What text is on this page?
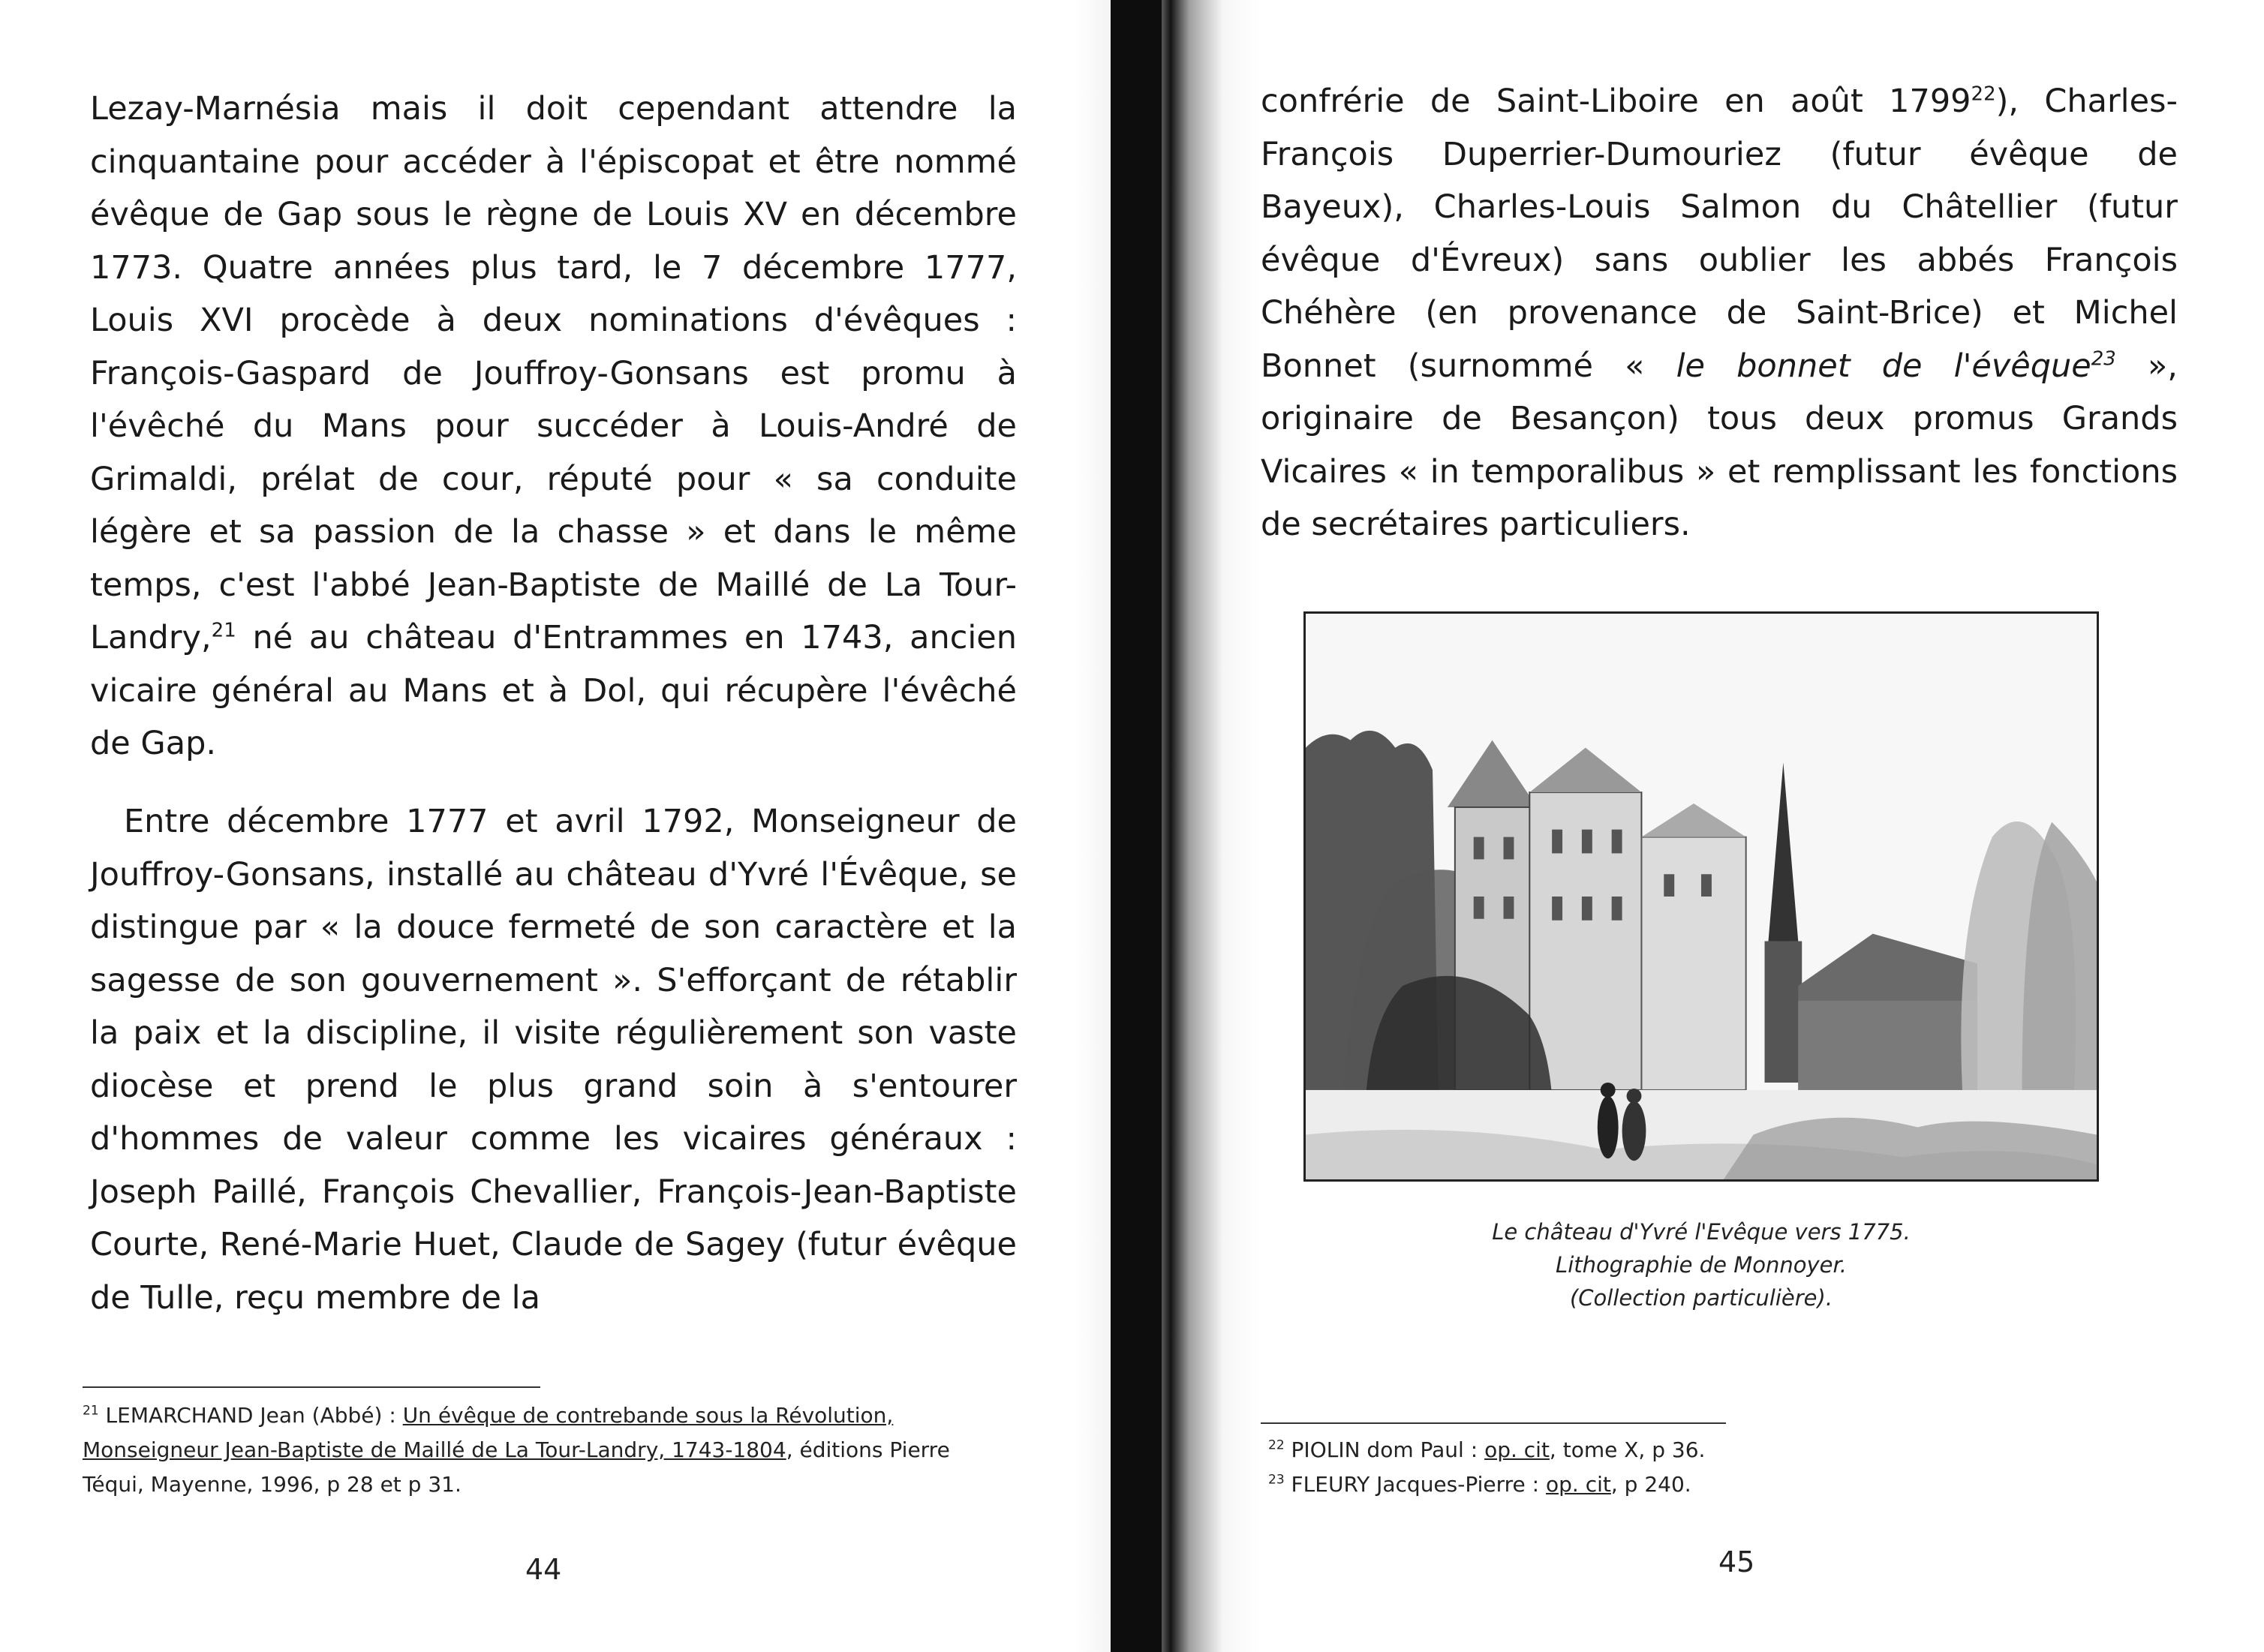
Lezay-Marnésia mais il doit cependant attendre la cinquantaine pour accéder à l'épiscopat et être nommé évêque de Gap sous le règne de Louis XV en décembre 1773. Quatre années plus tard, le 7 décembre 1777, Louis XVI procède à deux nominations d'évêques : François-Gaspard de Jouffroy-Gonsans est promu à l'évêché du Mans pour succéder à Louis-André de Grimaldi, prélat de cour, réputé pour « sa conduite légère et sa passion de la chasse » et dans le même temps, c'est l'abbé Jean-Baptiste de Maillé de La Tour-Landry,$^{21}$ né au château d'Entrammes en 1743, ancien vicaire général au Mans et à Dol, qui récupère l'évêché de Gap.

Entre décembre 1777 et avril 1792, Monseigneur de Jouffroy-Gonsans, installé au château d'Yvré l'Évêque, se distingue par « la douce fermeté de son caractère et la sagesse de son gouvernement ». S'efforçant de rétablir la paix et la discipline, il visite régulièrement son vaste diocèse et prend le plus grand soin à s'entourer d'hommes de valeur comme les vicaires généraux : Joseph Paillé, François Chevallier, François-Jean-Baptiste Courte, René-Marie Huet, Claude de Sagey (futur évêque de Tulle, reçu membre de la

$^{21}$ LEMARCHAND Jean (Abbé) : Un évêque de contrebande sous la Révolution, Monseigneur Jean-Baptiste de Maillé de La Tour-Landry, 1743-1804, éditions Pierre Téqui, Mayenne, 1996, p 28 et p 31.

44

confrérie de Saint-Liboire en août 1799$^{22}$), Charles-François Duperrier-Dumouriez (futur évêque de Bayeux), Charles-Louis Salmon du Châtellier (futur évêque d'Évreux) sans oublier les abbés François Chéhère (en provenance de Saint-Brice) et Michel Bonnet (surnommé « le bonnet de l'évêque$^{23}$ », originaire de Besançon) tous deux promus Grands Vicaires « in temporalibus » et remplissant les fonctions de secrétaires particuliers.

Le château d'Yvré l'Evêque vers 1775.
Lithographie de Monnoyer.
(Collection particulière).
$^{22}$ PIOLIN dom Paul : op. cit, tome X, p 36.
$^{23}$ FLEURY Jacques-Pierre : op. cit, p 240.
45
